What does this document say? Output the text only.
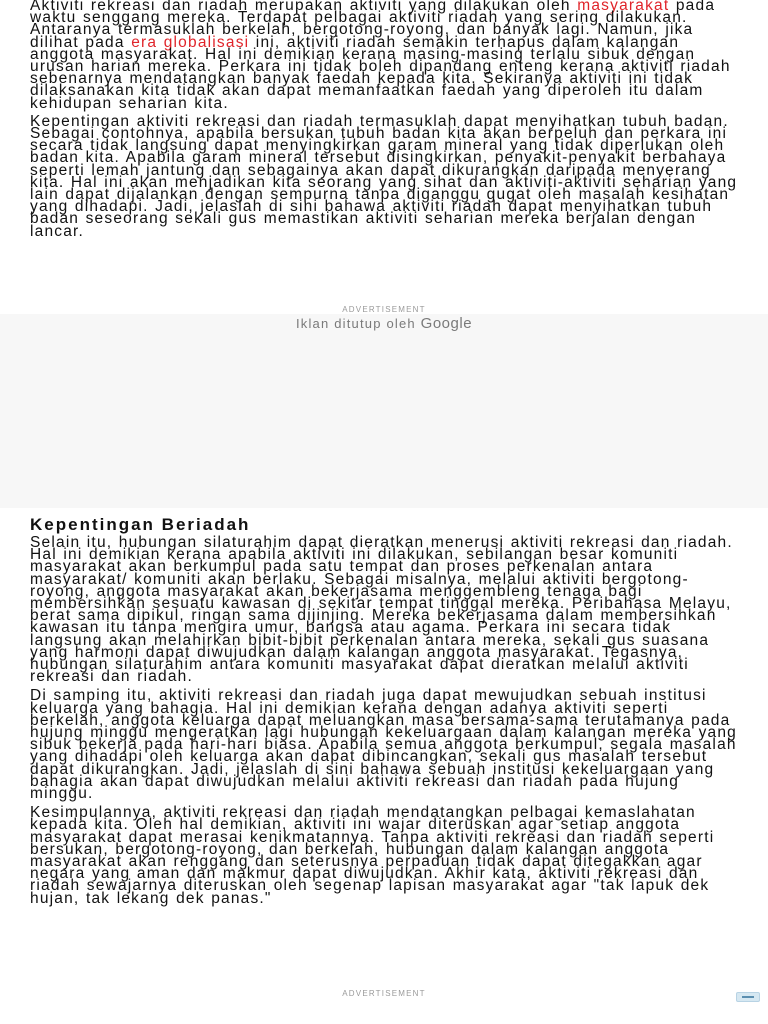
Aktiviti rekreasi dan riadah merupakan aktiviti yang dilakukan oleh masyarakat pada waktu senggang mereka. Terdapat pelbagai aktiviti riadah yang sering dilakukan. Antaranya termasuklah berkelah, bergotong-royong, dan banyak lagi. Namun, jika dilihat pada era globalisasi ini, aktiviti riadah semakin terhapus dalam kalangan anggota masyarakat. Hal ini demikian kerana masing-masing terlalu sibuk dengan urusan harian mereka. Perkara ini tidak boleh dipandang enteng kerana aktiviti riadah sebenarnya mendatangkan banyak faedah kepada kita. Sekiranya aktiviti ini tidak dilaksanakan kita tidak akan dapat memanfaatkan faedah yang diperoleh itu dalam kehidupan seharian kita.

Kepentingan aktiviti rekreasi dan riadah termasuklah dapat menyihatkan tubuh badan. Sebagai contohnya, apabila bersukan tubuh badan kita akan berpeluh dan perkara ini secara tidak langsung dapat menyingkirkan garam mineral yang tidak diperlukan oleh badan kita. Apabila garam mineral tersebut disingkirkan, penyakit-penyakit berbahaya seperti lemah jantung dan sebagainya akan dapat dikurangkan daripada menyerang kita. Hal ini akan menjadikan kita seorang yang sihat dan aktiviti-aktiviti seharian yang lain dapat dijalankan dengan sempurna tanpa diganggu gugat oleh masalah kesihatan yang dihadapi. Jadi, jelaslah di sini bahawa aktiviti riadah dapat menyihatkan tubuh badan seseorang sekali gus memastikan aktiviti seharian mereka berjalan dengan lancar.

ADVERTISEMENT
Iklan ditutup oleh Google
Kepentingan Beriadah

Selain itu, hubungan silaturahim dapat dieratkan menerusi aktiviti rekreasi dan riadah. Hal ini demikian kerana apabila aktiviti ini dilakukan, sebilangan besar komuniti masyarakat akan berkumpul pada satu tempat dan proses perkenalan antara masyarakat/ komuniti akan berlaku. Sebagai misalnya, melalui aktiviti bergotong-royong, anggota masyarakat akan bekerjasama menggembleng tenaga bagi membersihkan sesuatu kawasan di sekitar tempat tinggal mereka. Peribahasa Melayu, berat sama dipikul, ringan sama dijinjing. Mereka bekerjasama dalam membersihkan kawasan itu tanpa mengira umur, bangsa atau agama. Perkara ini secara tidak langsung akan melahirkan bibit-bibit perkenalan antara mereka, sekali gus suasana yang harmoni dapat diwujudkan dalam kalangan anggota masyarakat. Tegasnya, hubungan silaturahim antara komuniti masyarakat dapat dieratkan melalui aktiviti rekreasi dan riadah.

Di samping itu, aktiviti rekreasi dan riadah juga dapat mewujudkan sebuah institusi keluarga yang bahagia. Hal ini demikian kerana dengan adanya aktiviti seperti berkelah, anggota keluarga dapat meluangkan masa bersama-sama terutamanya pada hujung minggu mengeratkan lagi hubungan kekeluargaan dalam kalangan mereka yang sibuk bekerja pada hari-hari biasa. Apabila semua anggota berkumpul, segala masalah yang dihadapi oleh keluarga akan dapat dibincangkan, sekali gus masalah tersebut dapat dikurangkan. Jadi, jelaslah di sini bahawa sebuah institusi kekeluargaan yang bahagia akan dapat diwujudkan melalui aktiviti rekreasi dan riadah pada hujung minggu.

Kesimpulannya, aktiviti rekreasi dan riadah mendatangkan pelbagai kemaslahatan kepada kita. Oleh hal demikian, aktiviti ini wajar diteruskan agar setiap anggota masyarakat dapat merasai kenikmatannya. Tanpa aktiviti rekreasi dan riadah seperti bersukan, bergotong-royong, dan berkelah, hubungan dalam kalangan anggota masyarakat akan renggang dan seterusnya perpaduan tidak dapat ditegakkan agar negara yang aman dan makmur dapat diwujudkan. Akhir kata, aktiviti rekreasi dan riadah sewajarnya diteruskan oleh segenap lapisan masyarakat agar "tak lapuk dek hujan, tak lekang dek panas."

ADVERTISEMENT
